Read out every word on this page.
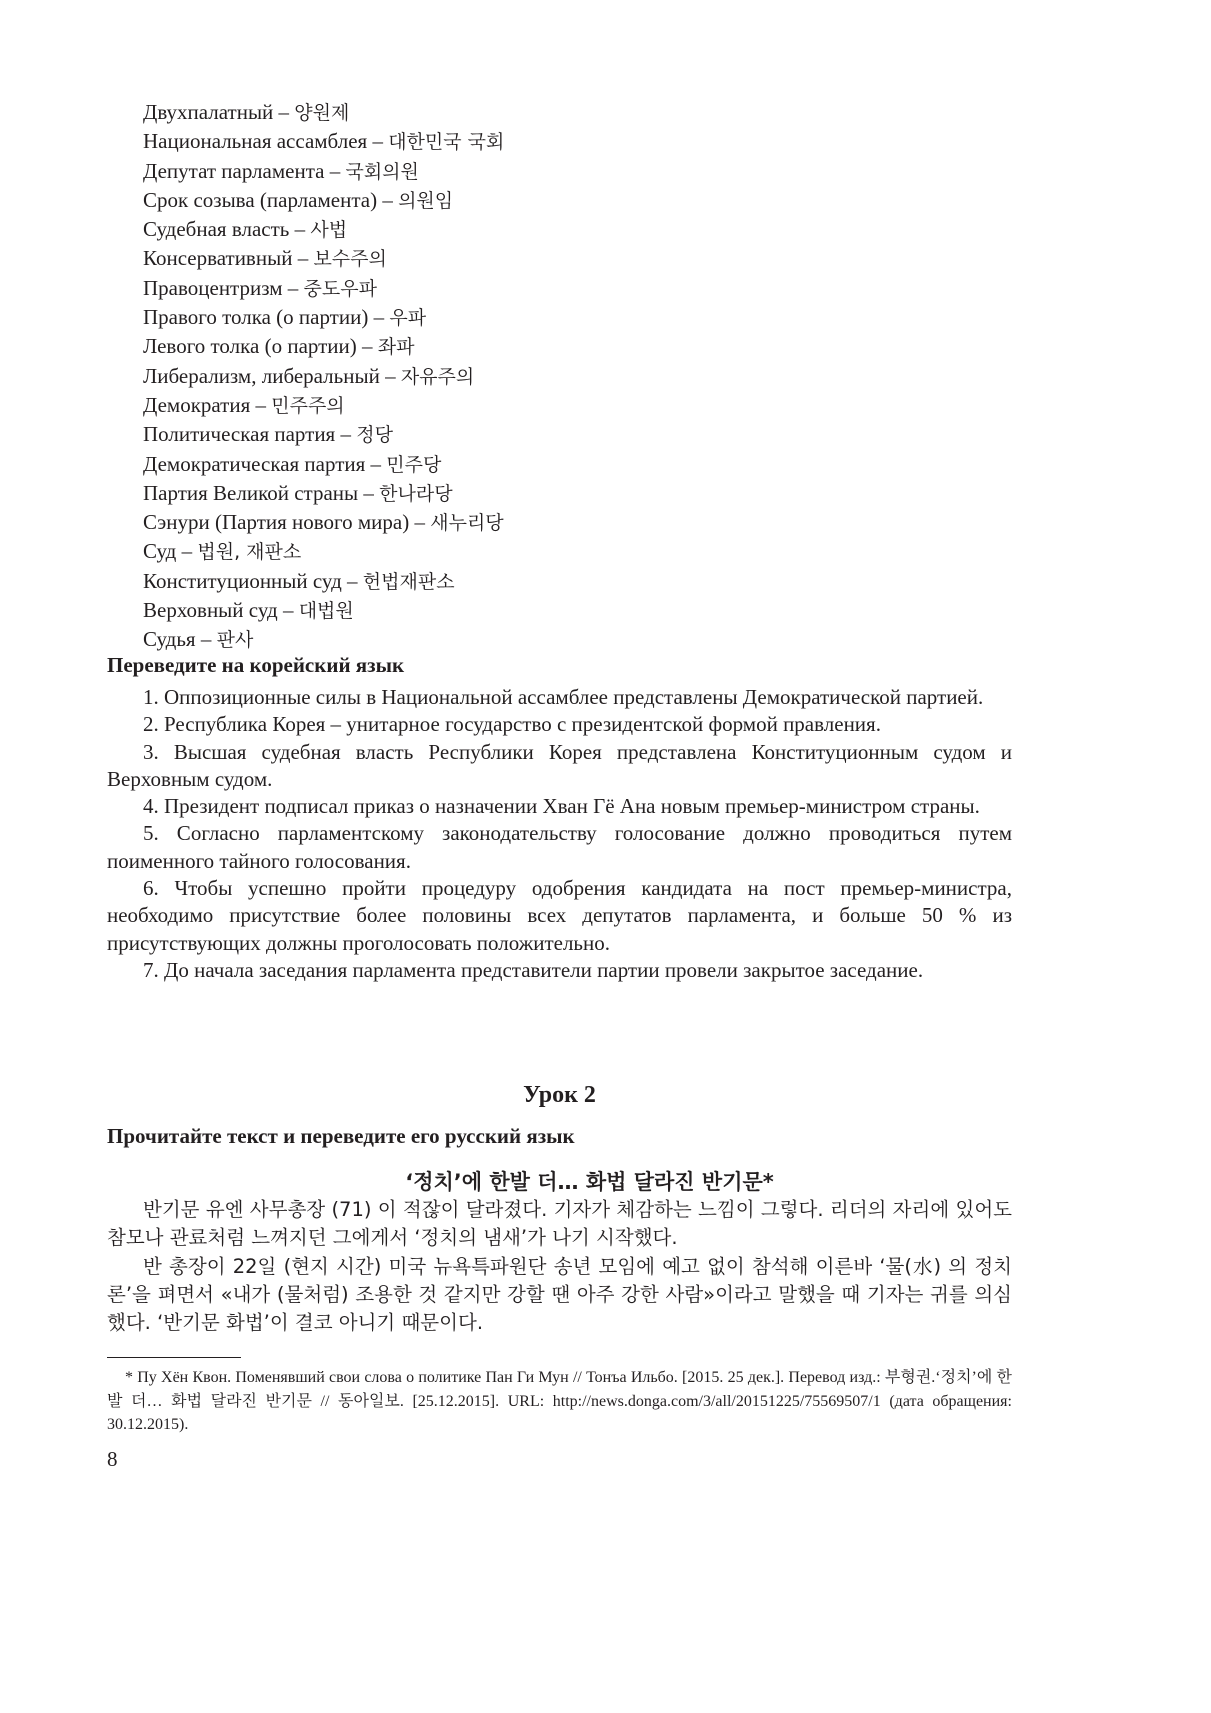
Двухпалатный – 양원제
Национальная ассамблея – 대한민국 국회
Депутат парламента – 국회의원
Срок созыва (парламента) – 의원임
Судебная власть – 사법
Консервативный – 보수주의
Правоцентризм – 중도우파
Правого толка (о партии) – 우파
Левого толка (о партии) – 좌파
Либерализм, либеральный – 자유주의
Демократия – 민주주의
Политическая партия – 정당
Демократическая партия – 민주당
Партия Великой страны – 한나라당
Сэнури (Партия нового мира) – 새누리당
Суд – 법원, 재판소
Конституционный суд – 헌법재판소
Верховный суд – 대법원
Судья – 판사
Переведите на корейский язык

1. Оппозиционные силы в Национальной ассамблее представлены Демократической партией.

2. Республика Корея – унитарное государство с президентской формой правления.

3. Высшая судебная власть Республики Корея представлена Конституционным судом и Верховным судом.

4. Президент подписал приказ о назначении Хван Гё Ана новым премьер-министром страны.

5. Согласно парламентскому законодательству голосование должно проводиться путем поименного тайного голосования.

6. Чтобы успешно пройти процедуру одобрения кандидата на пост премьер-министра, необходимо присутствие более половины всех депутатов парламента, и больше 50 % из присутствующих должны проголосовать положительно.

7. До начала заседания парламента представители партии провели закрытое заседание.

Урок 2
Прочитайте текст и переведите его русский язык
‘정치’에 한발 더… 화법 달라진 반기문*

반기문 유엔 사무총장 (71) 이 적잖이 달라졌다. 기자가 체감하는 느낌이 그렇다. 리더의 자리에 있어도 참모나 관료처럼 느껴지던 그에게서 ‘정치의 냄새’가 나기 시작했다.

반 총장이 22일 (현지 시간) 미국 뉴욕특파원단 송년 모임에 예고 없이 참석해 이른바 ‘물(水) 의 정치론’을 펴면서 «내가 (물처럼) 조용한 것 같지만 강할 땐 아주 강한 사람»이라고 말했을 때 기자는 귀를 의심했다. ‘반기문 화법’이 결코 아니기 때문이다.

* Пу Хён Квон. Поменявший свои слова о политике Пан Ги Мун // Тонъа Ильбо. [2015. 25 дек.]. Перевод изд.: 부형권.‘정치’에 한발 더… 화법 달라진 반기문 // 동아일보. [25.12.2015]. URL: http://news.donga.com/3/all/20151225/75569507/1 (дата обращения: 30.12.2015).

8
